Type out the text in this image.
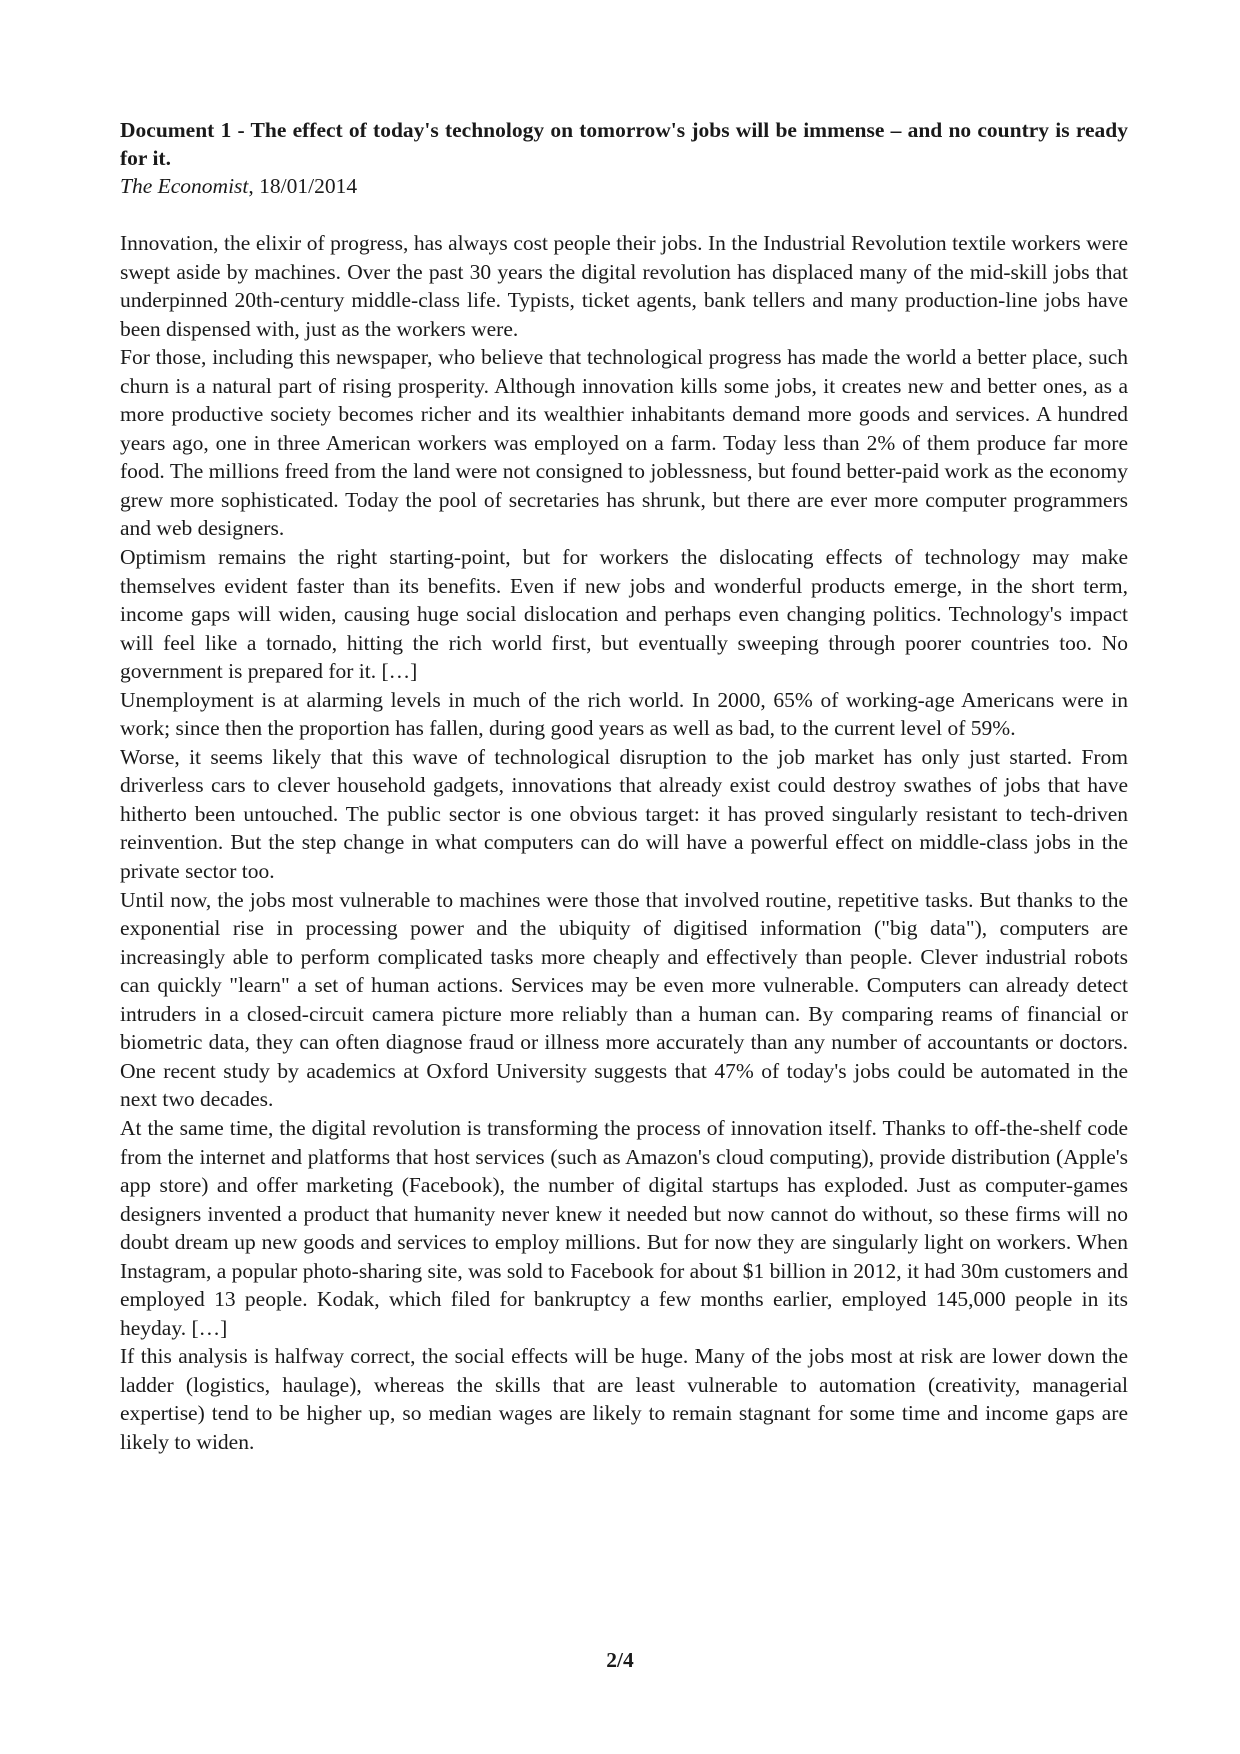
Document 1 - The effect of today's technology on tomorrow's jobs will be immense – and no country is ready for it.

The Economist, 18/01/2014

Innovation, the elixir of progress, has always cost people their jobs. In the Industrial Revolution textile workers were swept aside by machines. Over the past 30 years the digital revolution has displaced many of the mid-skill jobs that underpinned 20th-century middle-class life. Typists, ticket agents, bank tellers and many production-line jobs have been dispensed with, just as the workers were.

For those, including this newspaper, who believe that technological progress has made the world a better place, such churn is a natural part of rising prosperity. Although innovation kills some jobs, it creates new and better ones, as a more productive society becomes richer and its wealthier inhabitants demand more goods and services. A hundred years ago, one in three American workers was employed on a farm. Today less than 2% of them produce far more food. The millions freed from the land were not consigned to joblessness, but found better-paid work as the economy grew more sophisticated. Today the pool of secretaries has shrunk, but there are ever more computer programmers and web designers.

Optimism remains the right starting-point, but for workers the dislocating effects of technology may make themselves evident faster than its benefits. Even if new jobs and wonderful products emerge, in the short term, income gaps will widen, causing huge social dislocation and perhaps even changing politics. Technology's impact will feel like a tornado, hitting the rich world first, but eventually sweeping through poorer countries too. No government is prepared for it. […]

Unemployment is at alarming levels in much of the rich world. In 2000, 65% of working-age Americans were in work; since then the proportion has fallen, during good years as well as bad, to the current level of 59%.

Worse, it seems likely that this wave of technological disruption to the job market has only just started. From driverless cars to clever household gadgets, innovations that already exist could destroy swathes of jobs that have hitherto been untouched. The public sector is one obvious target: it has proved singularly resistant to tech-driven reinvention. But the step change in what computers can do will have a powerful effect on middle-class jobs in the private sector too.

Until now, the jobs most vulnerable to machines were those that involved routine, repetitive tasks. But thanks to the exponential rise in processing power and the ubiquity of digitised information ("big data"), computers are increasingly able to perform complicated tasks more cheaply and effectively than people. Clever industrial robots can quickly "learn" a set of human actions. Services may be even more vulnerable. Computers can already detect intruders in a closed-circuit camera picture more reliably than a human can. By comparing reams of financial or biometric data, they can often diagnose fraud or illness more accurately than any number of accountants or doctors. One recent study by academics at Oxford University suggests that 47% of today's jobs could be automated in the next two decades.

At the same time, the digital revolution is transforming the process of innovation itself. Thanks to off-the-shelf code from the internet and platforms that host services (such as Amazon's cloud computing), provide distribution (Apple's app store) and offer marketing (Facebook), the number of digital startups has exploded. Just as computer-games designers invented a product that humanity never knew it needed but now cannot do without, so these firms will no doubt dream up new goods and services to employ millions. But for now they are singularly light on workers. When Instagram, a popular photo-sharing site, was sold to Facebook for about $1 billion in 2012, it had 30m customers and employed 13 people. Kodak, which filed for bankruptcy a few months earlier, employed 145,000 people in its heyday. […]

If this analysis is halfway correct, the social effects will be huge. Many of the jobs most at risk are lower down the ladder (logistics, haulage), whereas the skills that are least vulnerable to automation (creativity, managerial expertise) tend to be higher up, so median wages are likely to remain stagnant for some time and income gaps are likely to widen.

2/4
